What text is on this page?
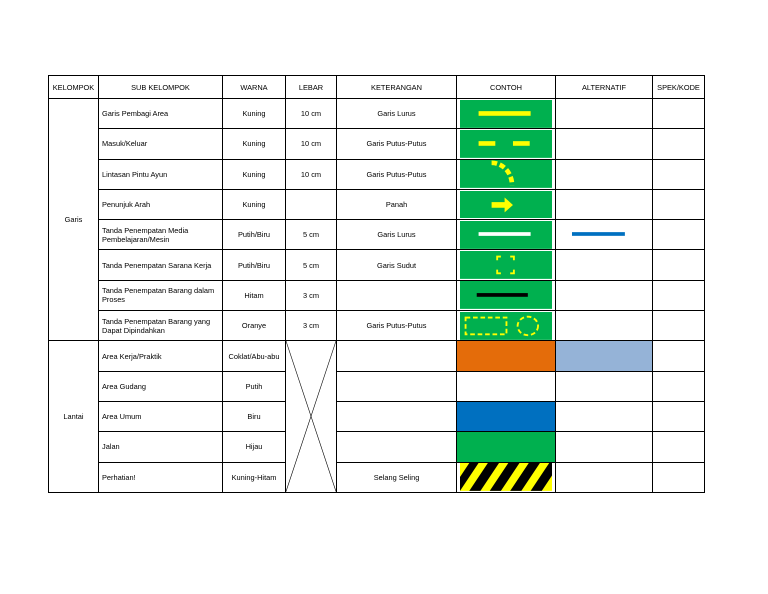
KELOMPOK	SUB KELOMPOK	WARNA	LEBAR	KETERANGAN	CONTOH	ALTERNATIF	SPEK/KODE
Garis	Garis Pembagi Area	Kuning	10 cm	Garis Lurus	

	Masuk/Keluar	Kuning	10 cm	Garis Putus-Putus	

	Lintasan Pintu Ayun	Kuning	10 cm	Garis Putus-Putus	

	Penunjuk Arah	Kuning		Panah	

	Tanda Penempatan Media Pembelajaran/Mesin	Putih/Biru	5 cm	Garis Lurus	

	Tanda Penempatan Sarana Kerja	Putih/Biru	5 cm	Garis Sudut	

	Tanda Penempatan Barang dalam Proses	Hitam	3 cm		

	Tanda Penempatan Barang yang Dapat Dipindahkan	Oranye	3 cm	Garis Putus-Putus	

Lantai	Area Kerja/Praktik	Coklat/Abu-abu	

	Area Gudang	Putih					
	Area Umum	Biru					
	Jalan	Hijau					
	Perhatian!	Kuning-Hitam		Selang Seling	
